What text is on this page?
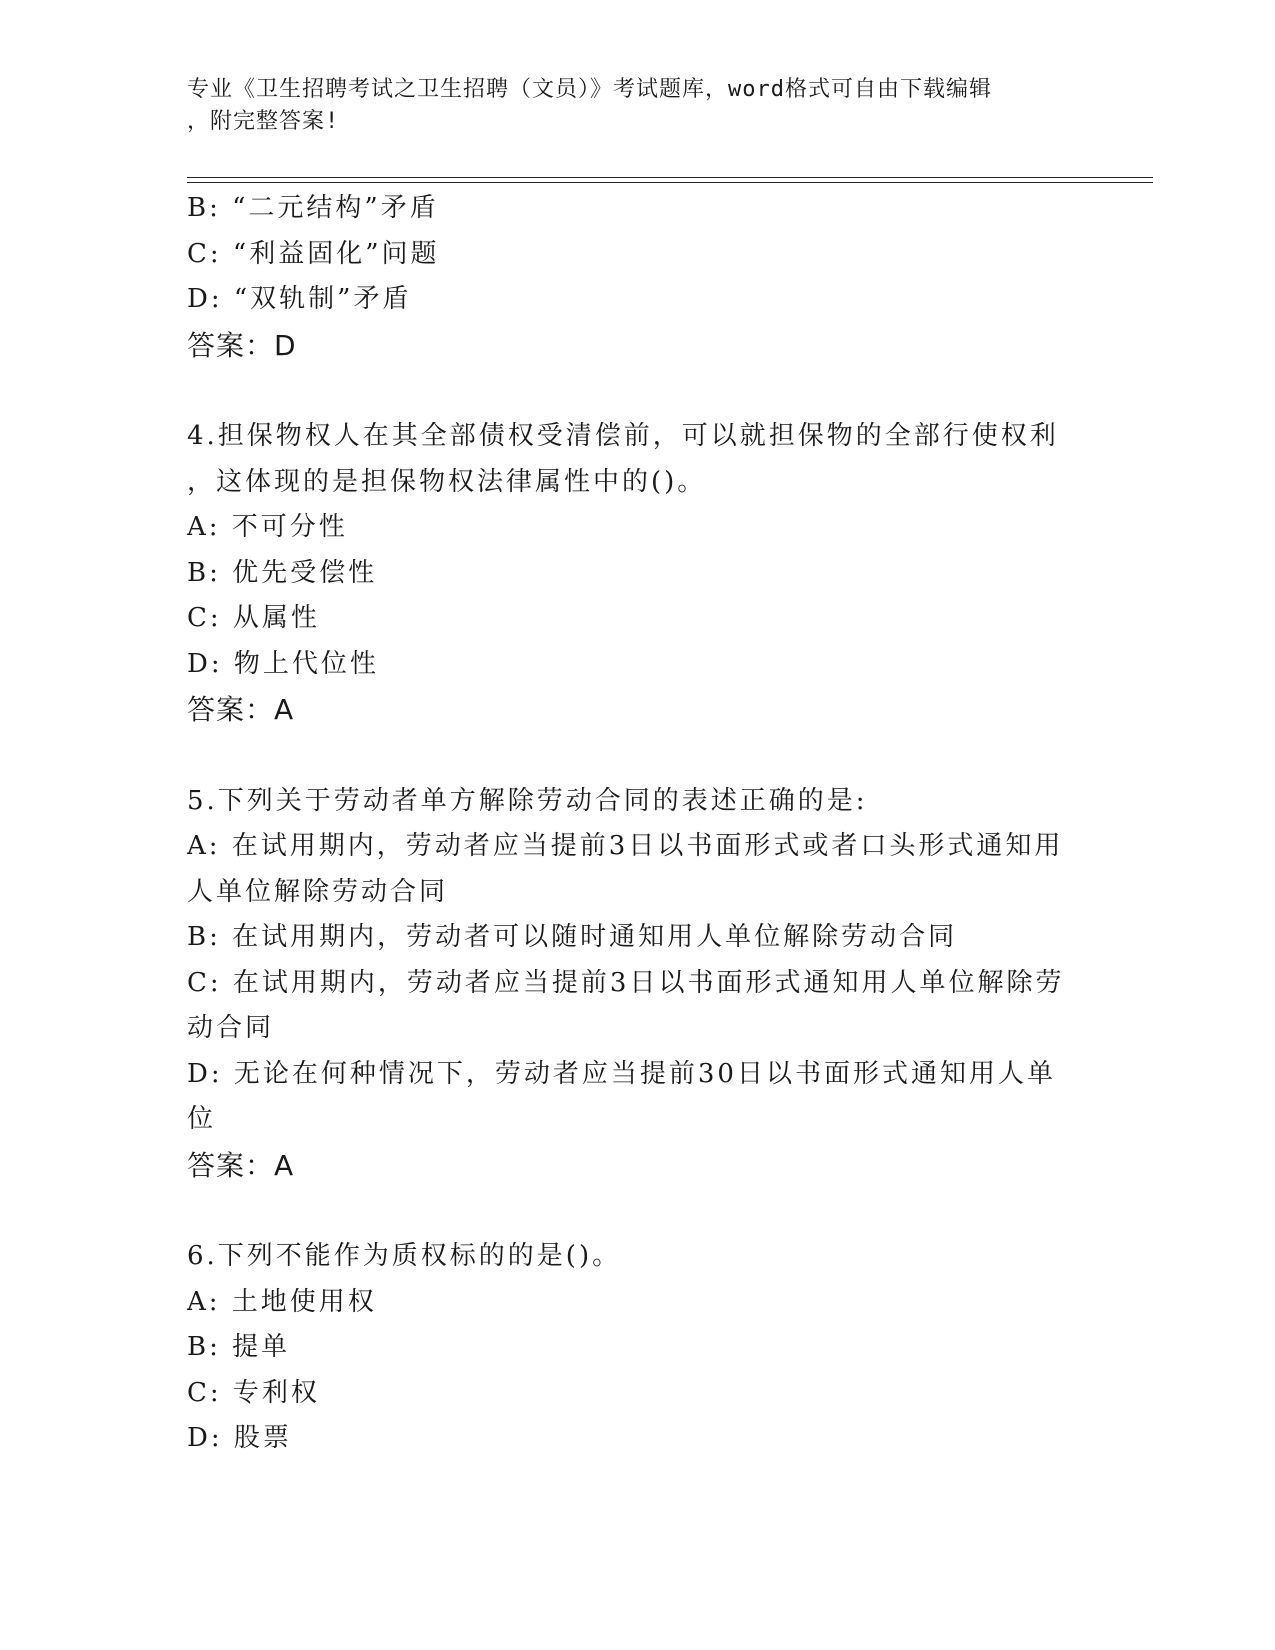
专业《卫生招聘考试之卫生招聘（文员）》考试题库，word格式可自由下载编辑
，附完整答案!
B: “二元结构”矛盾
C: “利益固化”问题
D: “双轨制”矛盾
答案：D
4.担保物权人在其全部债权受清偿前，可以就担保物的全部行使权利
，这体现的是担保物权法律属性中的()。
A: 不可分性
B: 优先受偿性
C: 从属性
D: 物上代位性
答案：A
5.下列关于劳动者单方解除劳动合同的表述正确的是:
A: 在试用期内，劳动者应当提前3日以书面形式或者口头形式通知用
人单位解除劳动合同
B: 在试用期内，劳动者可以随时通知用人单位解除劳动合同
C: 在试用期内，劳动者应当提前3日以书面形式通知用人单位解除劳
动合同
D: 无论在何种情况下，劳动者应当提前30日以书面形式通知用人单
位
答案：A
6.下列不能作为质权标的的是()。
A: 土地使用权
B: 提单
C: 专利权
D: 股票
